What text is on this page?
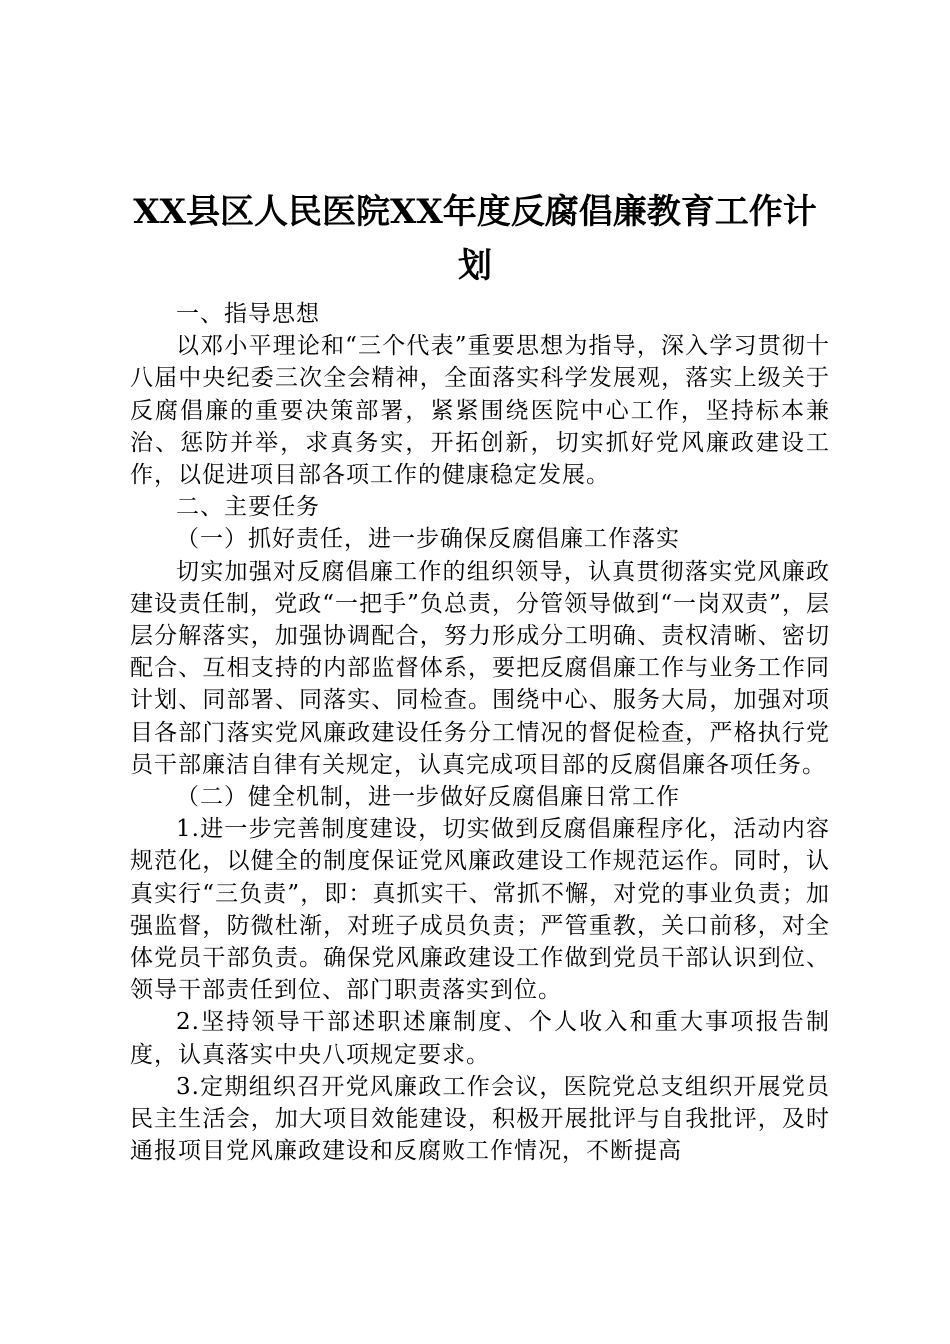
XX县区人民医院XX年度反腐倡廉教育工作计
划

一、指导思想

以邓小平理论和“三个代表”重要思想为指导，深入学习贯彻十八届中央纪委三次全会精神，全面落实科学发展观，落实上级关于反腐倡廉的重要决策部署，紧紧围绕医院中心工作，坚持标本兼治、惩防并举，求真务实，开拓创新，切实抓好党风廉政建设工作，以促进项目部各项工作的健康稳定发展。

二、主要任务

（一）抓好责任，进一步确保反腐倡廉工作落实

切实加强对反腐倡廉工作的组织领导，认真贯彻落实党风廉政建设责任制，党政“一把手”负总责，分管领导做到“一岗双责”，层层分解落实，加强协调配合，努力形成分工明确、责权清晰、密切配合、互相支持的内部监督体系，要把反腐倡廉工作与业务工作同计划、同部署、同落实、同检查。围绕中心、服务大局，加强对项目各部门落实党风廉政建设任务分工情况的督促检查，严格执行党员干部廉洁自律有关规定，认真完成项目部的反腐倡廉各项任务。

（二）健全机制，进一步做好反腐倡廉日常工作

1.进一步完善制度建设，切实做到反腐倡廉程序化，活动内容规范化，以健全的制度保证党风廉政建设工作规范运作。同时，认真实行“三负责”，即：真抓实干、常抓不懈，对党的事业负责；加强监督，防微杜渐，对班子成员负责；严管重教，关口前移，对全体党员干部负责。确保党风廉政建设工作做到党员干部认识到位、领导干部责任到位、部门职责落实到位。

2.坚持领导干部述职述廉制度、个人收入和重大事项报告制度，认真落实中央八项规定要求。

3.定期组织召开党风廉政工作会议，医院党总支组织开展党员民主生活会，加大项目效能建设，积极开展批评与自我批评，及时通报项目党风廉政建设和反腐败工作情况，不断提高
